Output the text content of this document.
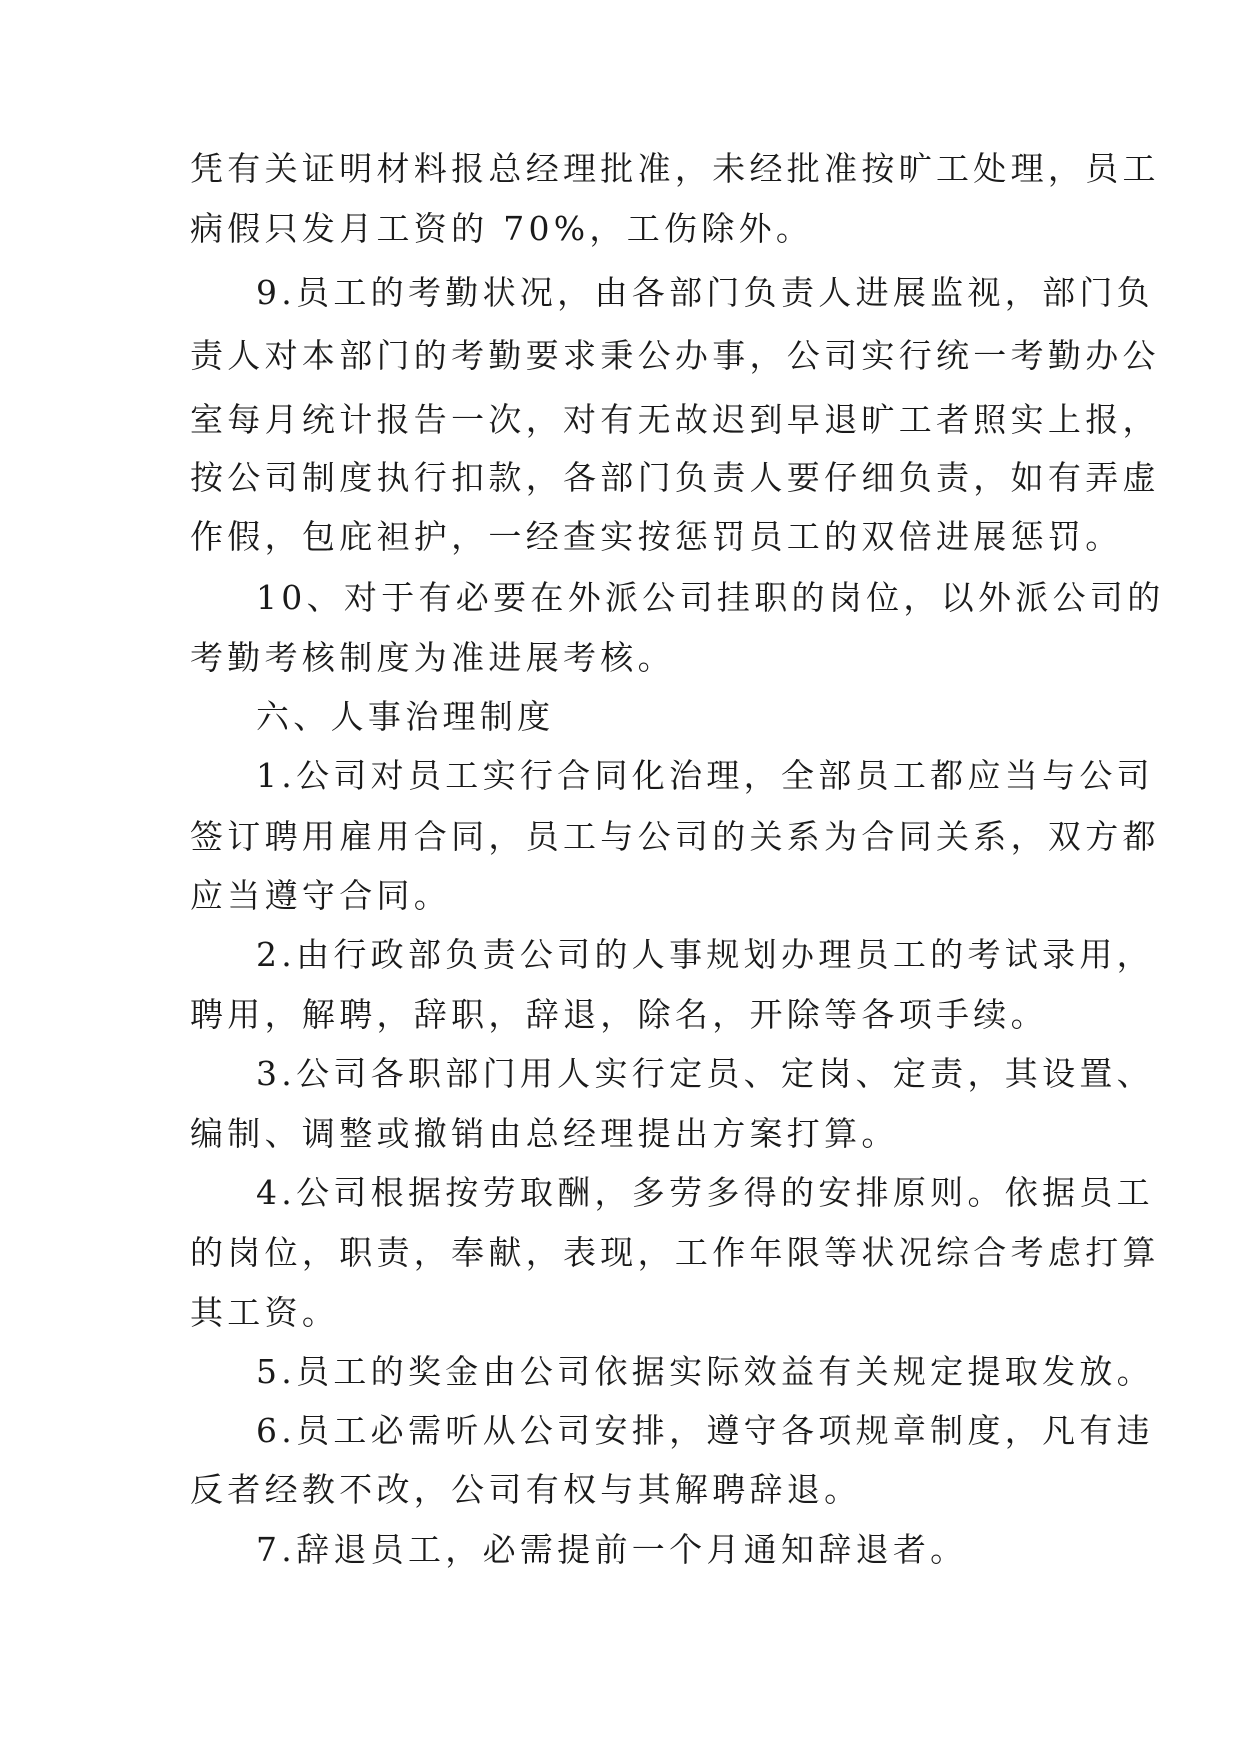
凭有关证明材料报总经理批准，未经批准按旷工处理，员工
病假只发月工资的 70%，工伤除外。
9.员工的考勤状况，由各部门负责人进展监视，部门负
责人对本部门的考勤要求秉公办事，公司实行统一考勤办公
室每月统计报告一次，对有无故迟到早退旷工者照实上报，
按公司制度执行扣款，各部门负责人要仔细负责，如有弄虚
作假，包庇袒护，一经查实按惩罚员工的双倍进展惩罚。
10、对于有必要在外派公司挂职的岗位，以外派公司的
考勤考核制度为准进展考核。
六、人事治理制度
1.公司对员工实行合同化治理，全部员工都应当与公司
签订聘用雇用合同，员工与公司的关系为合同关系，双方都
应当遵守合同。
2.由行政部负责公司的人事规划办理员工的考试录用，
聘用，解聘，辞职，辞退，除名，开除等各项手续。
3.公司各职部门用人实行定员、定岗、定责，其设置、
编制、调整或撤销由总经理提出方案打算。
4.公司根据按劳取酬，多劳多得的安排原则。依据员工
的岗位，职责，奉献，表现，工作年限等状况综合考虑打算
其工资。
5.员工的奖金由公司依据实际效益有关规定提取发放。
6.员工必需听从公司安排，遵守各项规章制度，凡有违
反者经教不改，公司有权与其解聘辞退。
7.辞退员工，必需提前一个月通知辞退者。
